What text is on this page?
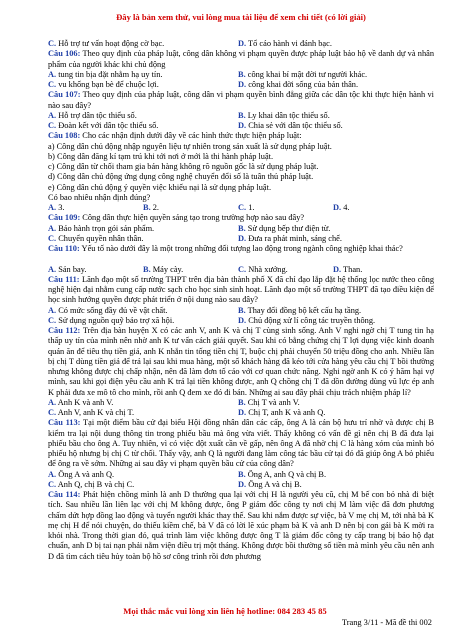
Đây là bản xem thử, vui lòng mua tài liệu để xem chi tiết (có lời giải)
C. Hỗ trợ tư vấn hoạt động cờ bạc.	D. Tổ cáo hành vi đánh bạc.
Câu 106: Theo quy định của pháp luật, công dân không vi phạm quyền được pháp luật bảo hộ về danh dự và nhân phẩm của người khác khi chủ động
A. tung tin bịa đặt nhằm hạ uy tín.	B. công khai bí mật đời tư người khác.
C. vu khống bạn bè để chuộc lợi.	D. công khai đời sống của bản thân.
Câu 107: Theo quy định của pháp luật, công dân vi phạm quyền bình đẳng giữa các dân tộc khi thực hiện hành vi nào sau đây?
A. Hỗ trợ dân tộc thiểu số.	B. Ly khai dân tộc thiểu số.
C. Đoàn kết với dân tộc thiểu số.	D. Chia sẻ với dân tộc thiểu số.
Câu 108: Cho các nhận định dưới đây về các hình thức thực hiện pháp luật:
a) Công dân chủ động nhập nguyên liệu tự nhiên trong sản xuất là sử dụng pháp luật.
b) Công dân đăng kí tạm trú khi tới nơi ở mới là thi hành pháp luật.
c) Công dân từ chối tham gia bán hàng không rõ nguồn gốc là sử dụng pháp luật.
d) Công dân chủ động ứng dụng công nghệ chuyển đổi số là tuân thủ pháp luật.
e) Công dân chủ động ý quyền việc khiếu nại là sử dụng pháp luật.
Có bao nhiêu nhận định đúng?
A. 3.	B. 2.	C. 1.	D. 4.
Câu 109: Công dân thực hiện quyền sáng tạo trong trường hợp nào sau đây?
A. Bảo hành trọn gói sản phẩm.	B. Sử dụng bếp thư điện từ.
C. Chuyển quyền nhân thân.	D. Đưa ra phát minh, sáng chế.
Câu 110: Yếu tố nào dưới đây là một trong những đối tượng lao động trong ngành công nghiệp khai thác?
A. Sản bay.	B. Máy cày.	C. Nhà xưởng.	D. Than.
Câu 111: Lãnh đạo một số trường THPT trên địa bàn thành phố X đã chỉ đạo lắp đặt hệ thống lọc nước theo công nghệ hiện đại nhằm cung cấp nước sạch cho học sinh sinh hoạt. Lãnh đạo một số trường THPT đã tạo điều kiện để học sinh hướng quyền được phát triển ở nội dung nào sau đây?
A. Có mức sống đầy đủ về vật chất.	B. Thay đổi đồng bộ kết cấu hạ tầng.
C. Sử dụng nguồn quỹ bảo trợ xã hội.	D. Chủ động xử lí công tác truyền thông.
Câu 112: Trên địa bàn huyện X có các anh V, anh K và chị T cùng sinh sống. Anh V nghi ngờ chị T tung tin hạ thấp uy tín của mình nên nhờ anh K tư vấn cách giải quyết. Sau khi có bằng chứng chị T lợi dụng việc kinh doanh quán ăn để tiêu thụ tiền giả, anh K nhắn tin tống tiền chị T, buộc chị phải chuyển 50 triệu đồng cho anh. Nhiều lần bị chị T dùng tiền giả để trả lại sau khi mua hàng, một số khách hàng đã kéo tới cửa hàng yêu cầu chị T bồi thường nhưng không được chị chấp nhận, nên đã làm đơn tố cáo với cơ quan chức năng. Nghi ngờ anh K có ý hăm hại vợ mình, sau khi gọi điện yêu cầu anh K trả lại tiền không được, anh Q chồng chị T đã dồn đường dùng vũ lực ép anh K phải đưa xe mô tô cho mình, rồi anh Q đem xe đó đi bán. Những ai sau đây phải chịu trách nhiệm pháp lí?
A. Anh K và anh V.	B. Chị T và anh V.
C. Anh V, anh K và chị T.	D. Chị T, anh K và anh Q.
Câu 113: Tại một điểm bầu cử đại biểu Hội đồng nhân dân các cấp, ông A là cán bộ hưu trí nhờ và được chị B kiểm tra lại nội dung thông tin trong phiếu bầu mà ông vừa viết. Thấy không có vấn đề gì nên chị B đã đưa lại phiếu bầu cho ông A. Tuy nhiên, vì có việc đột xuất cần về gấp, nên ông A đã nhờ chị C là hàng xóm của mình bỏ phiếu hộ nhưng bị chị C từ chối. Thấy vậy, anh Q là người đang làm công tác bầu cử tại đó đã giúp ông A bỏ phiếu để ông ra về sớm. Những ai sau đây vi phạm quyền bầu cử của công dân?
A. Ông A và anh Q.	B. Ông A, anh Q và chị B.
C. Anh Q, chị B và chị C.	D. Ông A và chị B.
Câu 114: Phát hiện chồng mình là anh D thường qua lại với chị H là người yêu cũ, chị M bế con bỏ nhà đi biệt tích. Sau nhiều lần liên lạc với chị M không được, ông P giám đốc công ty nơi chị M làm việc đã đơn phương chấm dứt hợp đồng lao động và tuyển người khác thay thế. Sau khi nắm được sự việc, bà V mẹ chị M, tới nhà bà K mẹ chị H để nói chuyện, do thiếu kiềm chế, bà V đã có lời lẽ xúc phạm bà K và anh D nên bị con gái bà K mời ra khỏi nhà. Trong thời gian đó, quá trình làm việc không được ông T là giám đốc công ty cấp trang bị bảo hộ đạt chuẩn, anh D bị tai nạn phải nằm viện điều trị một tháng. Không được bồi thường số tiền mà mình yêu cầu nên anh D đã tìm cách tiêu hủy toàn bộ hồ sơ công trình rồi đơn phương
Mọi thắc mắc vui lòng xin liên hệ hotline: 084 283 45 85
Trang 3/11 - Mã đề thi 002
